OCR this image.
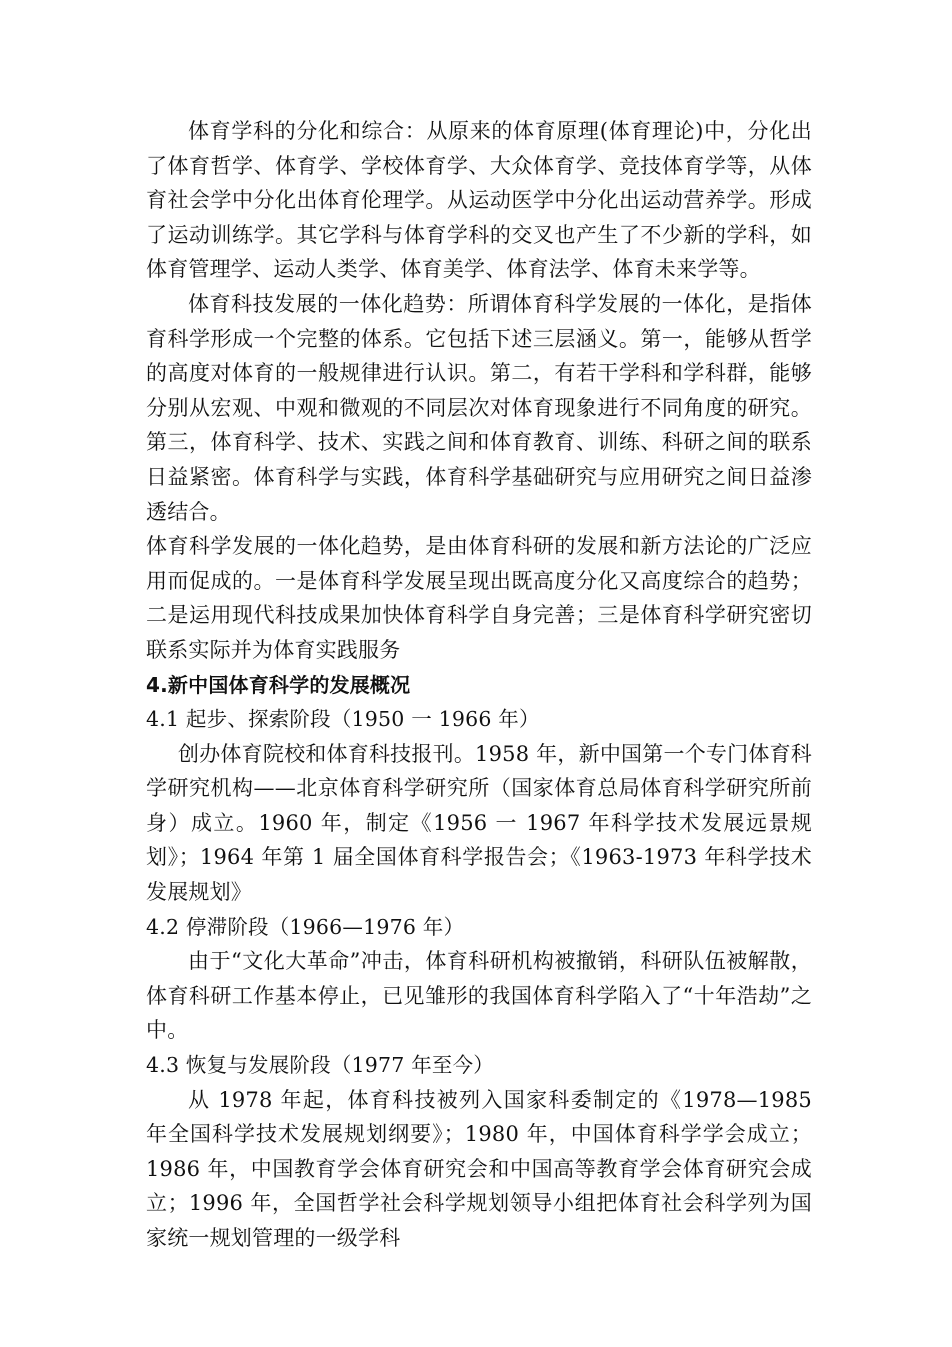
体育学科的分化和综合：从原来的体育原理(体育理论)中，分化出了体育哲学、体育学、学校体育学、大众体育学、竞技体育学等，从体育社会学中分化出体育伦理学。从运动医学中分化出运动营养学。形成了运动训练学。其它学科与体育学科的交叉也产生了不少新的学科，如体育管理学、运动人类学、体育美学、体育法学、体育未来学等。

体育科技发展的一体化趋势：所谓体育科学发展的一体化，是指体育科学形成一个完整的体系。它包括下述三层涵义。第一，能够从哲学的高度对体育的一般规律进行认识。第二，有若干学科和学科群，能够分别从宏观、中观和微观的不同层次对体育现象进行不同角度的研究。第三，体育科学、技术、实践之间和体育教育、训练、科研之间的联系日益紧密。体育科学与实践，体育科学基础研究与应用研究之间日益渗透结合。

体育科学发展的一体化趋势，是由体育科研的发展和新方法论的广泛应用而促成的。一是体育科学发展呈现出既高度分化又高度综合的趋势；二是运用现代科技成果加快体育科学自身完善；三是体育科学研究密切联系实际并为体育实践服务

4.新中国体育科学的发展概况

4.1 起步、探索阶段（1950 一 1966 年）

创办体育院校和体育科技报刊。1958 年，新中国第一个专门体育科学研究机构——北京体育科学研究所（国家体育总局体育科学研究所前身）成立。1960 年，制定《1956 一 1967 年科学技术发展远景规划》；1964 年第 1 届全国体育科学报告会；《1963-1973 年科学技术发展规划》

4.2 停滞阶段（1966—1976 年）

由于“文化大革命”冲击，体育科研机构被撤销，科研队伍被解散，体育科研工作基本停止，已见雏形的我国体育科学陷入了“十年浩劫”之中。

4.3 恢复与发展阶段（1977 年至今）

从 1978 年起，体育科技被列入国家科委制定的《1978—1985 年全国科学技术发展规划纲要》；1980 年，中国体育科学学会成立；1986 年，中国教育学会体育研究会和中国高等教育学会体育研究会成立；1996 年，全国哲学社会科学规划领导小组把体育社会科学列为国家统一规划管理的一级学科
